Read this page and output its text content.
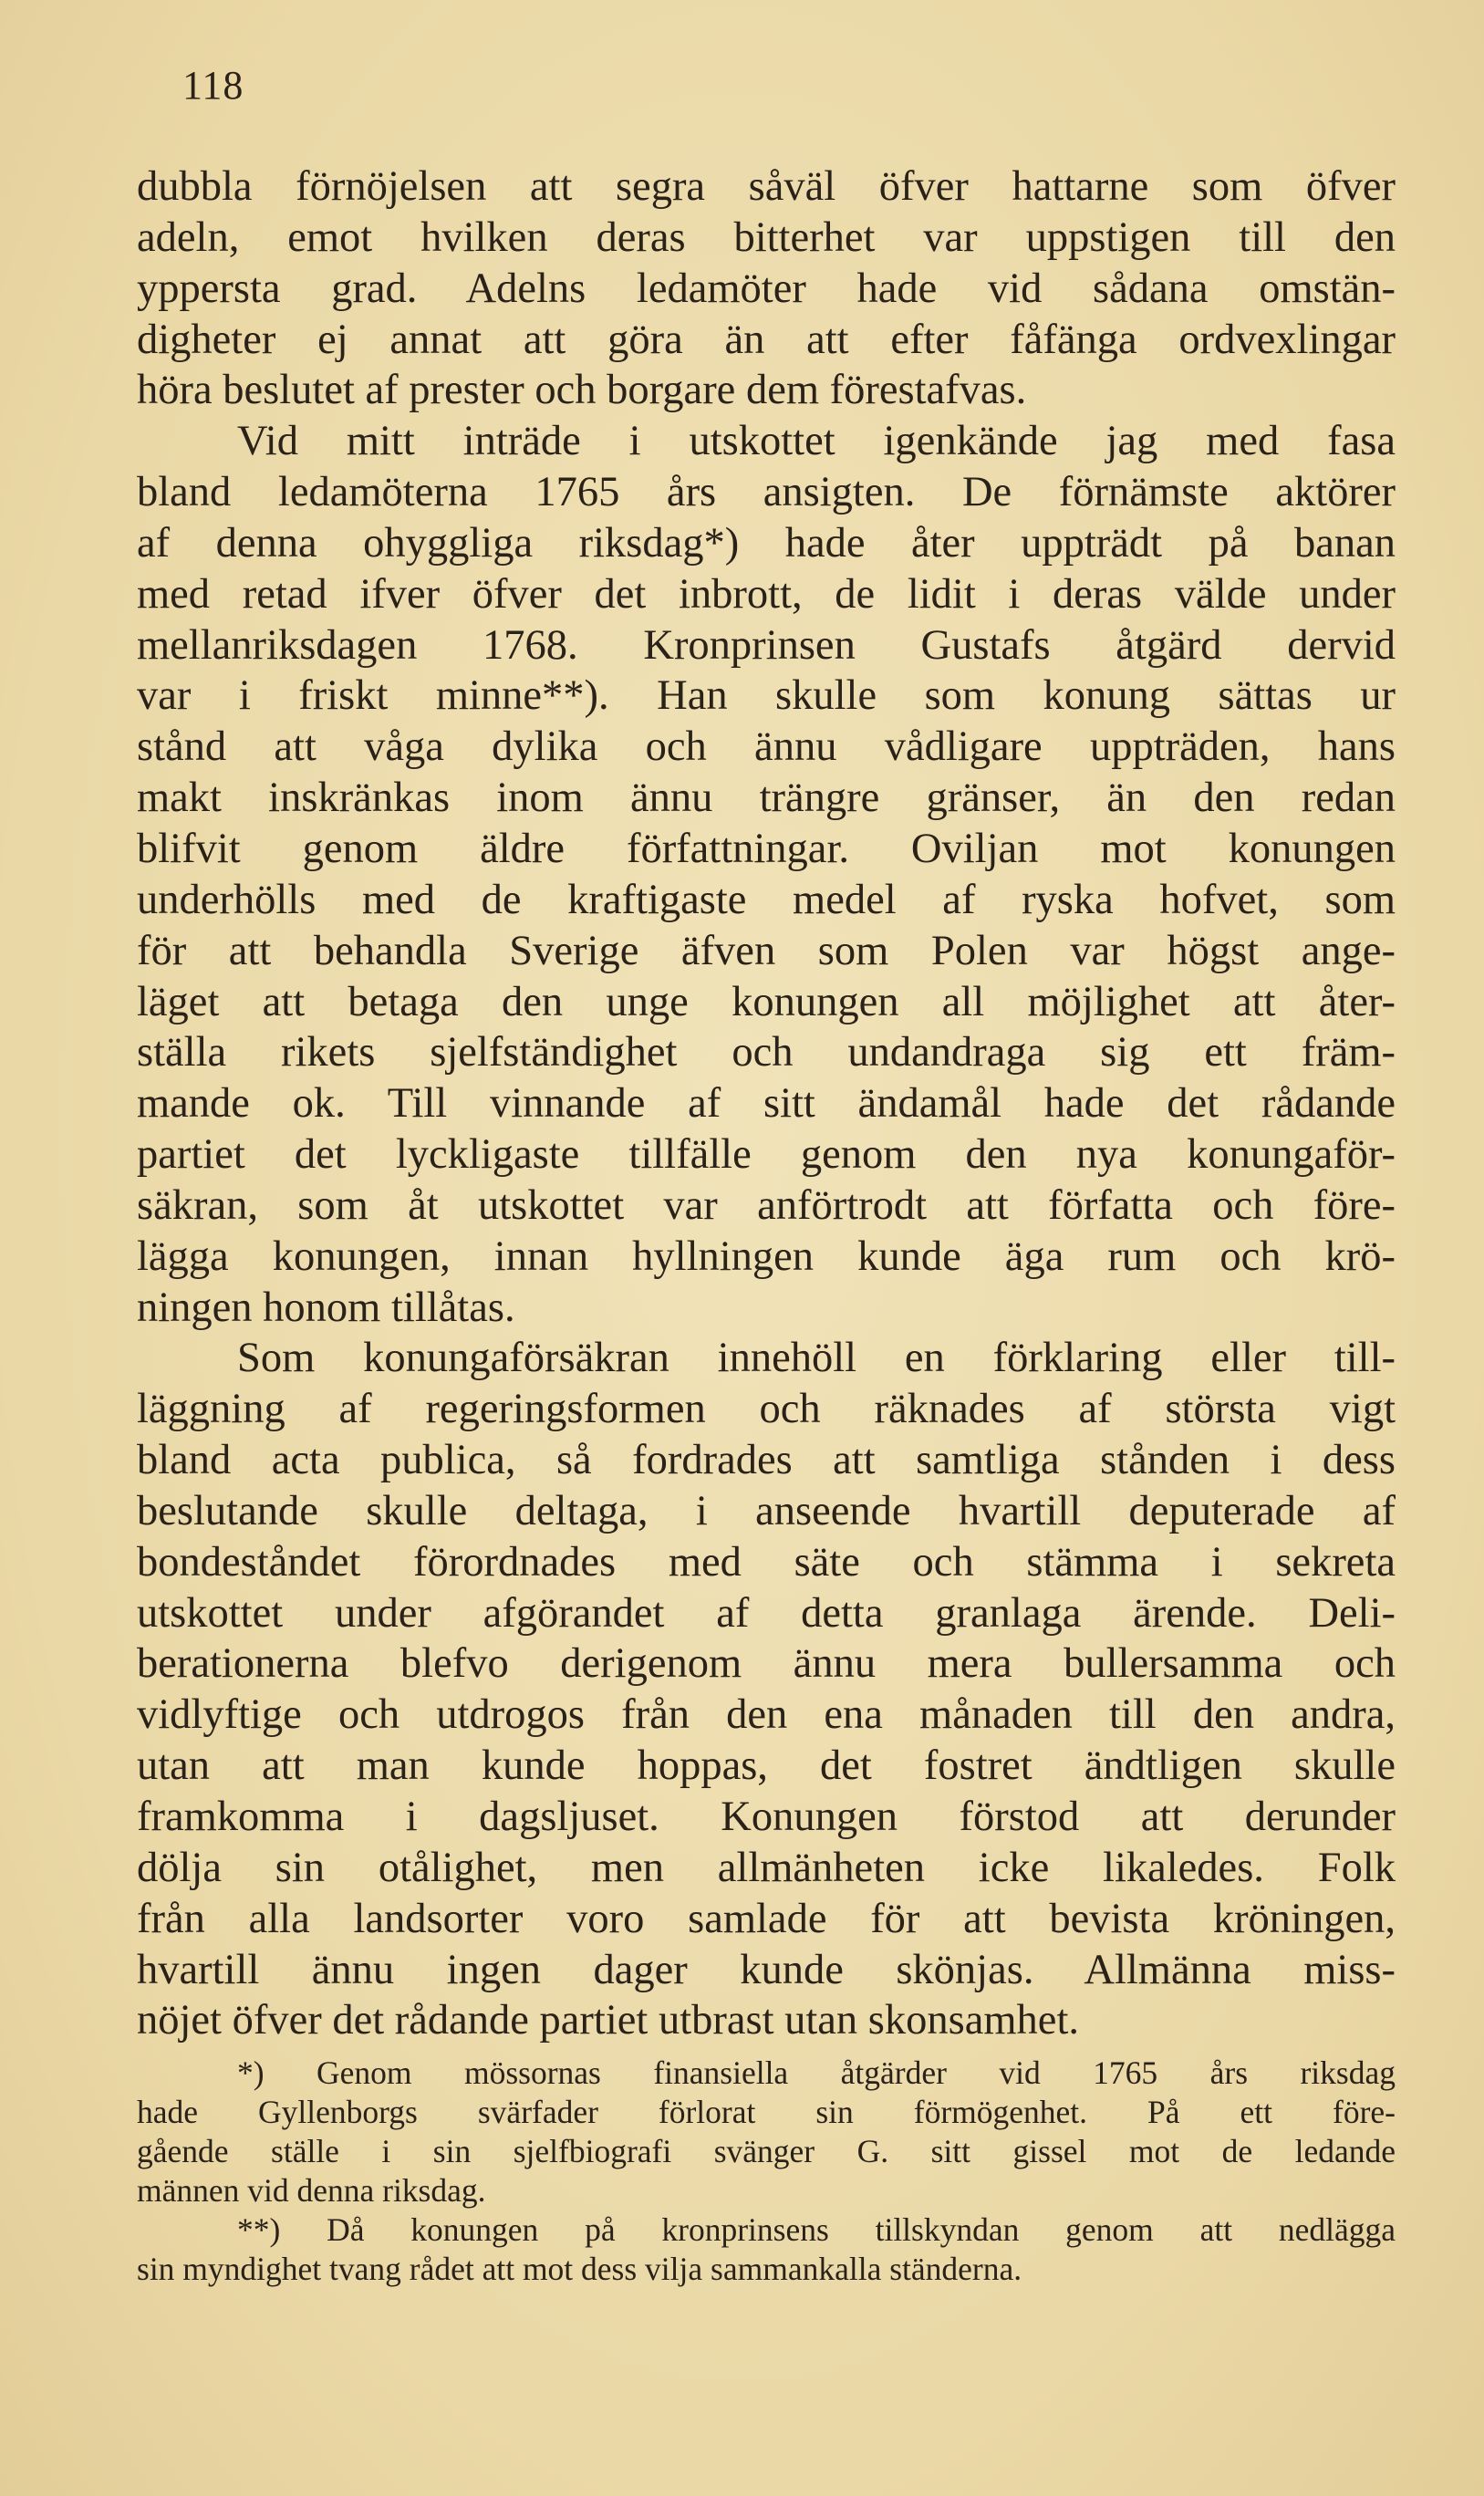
118
dubbla förnöjelsen att segra såväl öfver hattarne som öfver
adeln, emot hvilken deras bitterhet var uppstigen till den
yppersta grad. Adelns ledamöter hade vid sådana omstän-
digheter ej annat att göra än att efter fåfänga ordvexlingar
höra beslutet af prester och borgare dem förestafvas.
Vid mitt inträde i utskottet igenkände jag med fasa
bland ledamöterna 1765 års ansigten. De förnämste aktörer
af denna ohyggliga riksdag*) hade åter uppträdt på banan
med retad ifver öfver det inbrott, de lidit i deras välde under
mellanriksdagen 1768. Kronprinsen Gustafs åtgärd dervid
var i friskt minne**). Han skulle som konung sättas ur
stånd att våga dylika och ännu vådligare uppträden, hans
makt inskränkas inom ännu trängre gränser, än den redan
blifvit genom äldre författningar. Oviljan mot konungen
underhölls med de kraftigaste medel af ryska hofvet, som
för att behandla Sverige äfven som Polen var högst ange-
läget att betaga den unge konungen all möjlighet att åter-
ställa rikets sjelfständighet och undandraga sig ett främ-
mande ok. Till vinnande af sitt ändamål hade det rådande
partiet det lyckligaste tillfälle genom den nya konungaför-
säkran, som åt utskottet var anförtrodt att författa och före-
lägga konungen, innan hyllningen kunde äga rum och krö-
ningen honom tillåtas.
Som konungaförsäkran innehöll en förklaring eller till-
läggning af regeringsformen och räknades af största vigt
bland acta publica, så fordrades att samtliga stånden i dess
beslutande skulle deltaga, i anseende hvartill deputerade af
bondeståndet förordnades med säte och stämma i sekreta
utskottet under afgörandet af detta granlaga ärende. Deli-
berationerna blefvo derigenom ännu mera bullersamma och
vidlyftige och utdrogos från den ena månaden till den andra,
utan att man kunde hoppas, det fostret ändtligen skulle
framkomma i dagsljuset. Konungen förstod att derunder
dölja sin otålighet, men allmänheten icke likaledes. Folk
från alla landsorter voro samlade för att bevista kröningen,
hvartill ännu ingen dager kunde skönjas. Allmänna miss-
nöjet öfver det rådande partiet utbrast utan skonsamhet.
*) Genom mössornas finansiella åtgärder vid 1765 års riksdag
hade Gyllenborgs svärfader förlorat sin förmögenhet. På ett före-
gående ställe i sin sjelfbiografi svänger G. sitt gissel mot de ledande
männen vid denna riksdag.
**) Då konungen på kronprinsens tillskyndan genom att nedlägga
sin myndighet tvang rådet att mot dess vilja sammankalla ständerna.
